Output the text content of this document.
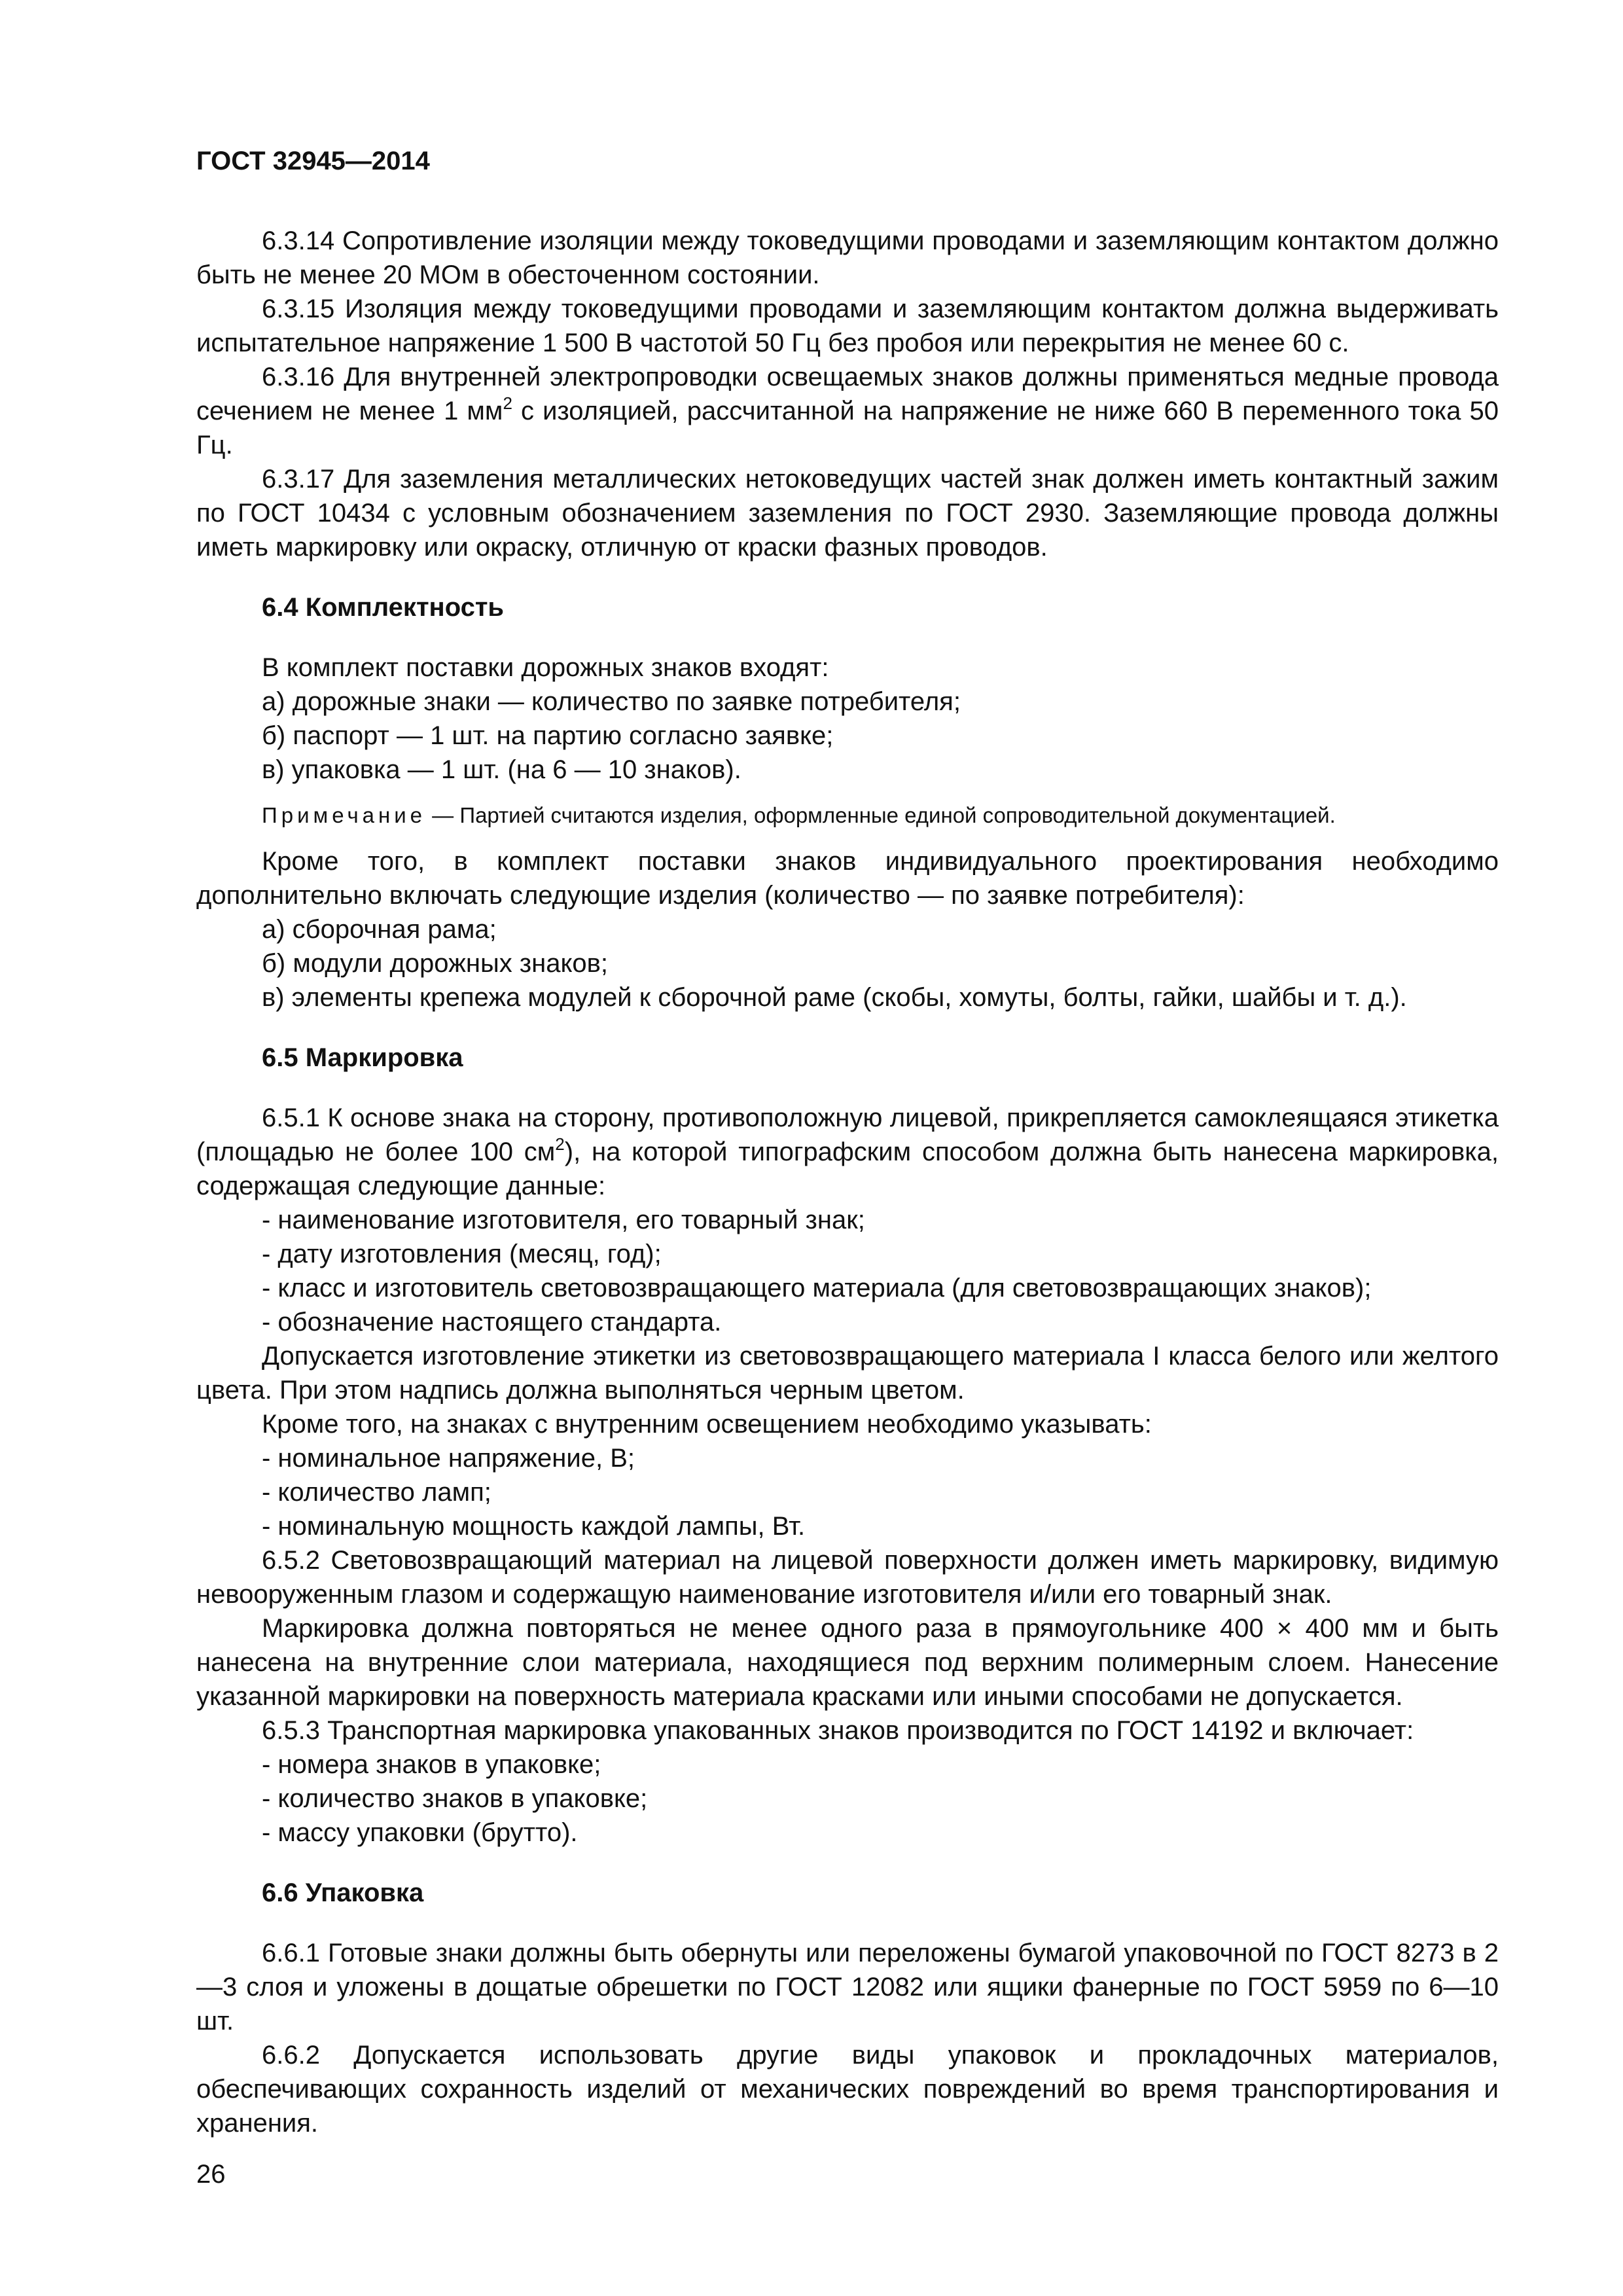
ГОСТ 32945—2014

6.3.14 Сопротивление изоляции между токоведущими проводами и заземляющим контактом должно быть не менее 20 МОм в обесточенном состоянии.

6.3.15 Изоляция между токоведущими проводами и заземляющим контактом должна выдерживать испытательное напряжение 1 500 В частотой 50 Гц без пробоя или перекрытия не менее 60 с.

6.3.16 Для внутренней электропроводки освещаемых знаков должны применяться медные провода сечением не менее 1 $мм^2$ с изоляцией, рассчитанной на напряжение не ниже 660 В переменного тока 50 Гц.

6.3.17 Для заземления металлических нетоковедущих частей знак должен иметь контактный зажим по ГОСТ 10434 с условным обозначением заземления по ГОСТ 2930. Заземляющие провода должны иметь маркировку или окраску, отличную от краски фазных проводов.

6.4 Комплектность

В комплект поставки дорожных знаков входят:

а) дорожные знаки — количество по заявке потребителя;

б) паспорт — 1 шт. на партию согласно заявке;

в) упаковка — 1 шт. (на 6 — 10 знаков).

Примечание — Партией считаются изделия, оформленные единой сопроводительной документацией.

Кроме того, в комплект поставки знаков индивидуального проектирования необходимо дополнительно включать следующие изделия (количество — по заявке потребителя):

а) сборочная рама;

б) модули дорожных знаков;

в) элементы крепежа модулей к сборочной раме (скобы, хомуты, болты, гайки, шайбы и т. д.).

6.5 Маркировка

6.5.1 К основе знака на сторону, противоположную лицевой, прикрепляется самоклеящаяся этикетка (площадью не более 100 $см^2$), на которой типографским способом должна быть нанесена маркировка, содержащая следующие данные:

- наименование изготовителя, его товарный знак;

- дату изготовления (месяц, год);

- класс и изготовитель световозвращающего материала (для световозвращающих знаков);

- обозначение настоящего стандарта.

Допускается изготовление этикетки из световозвращающего материала I класса белого или желтого цвета. При этом надпись должна выполняться черным цветом.

Кроме того, на знаках с внутренним освещением необходимо указывать:

- номинальное напряжение, В;

- количество ламп;

- номинальную мощность каждой лампы, Вт.

6.5.2 Световозвращающий материал на лицевой поверхности должен иметь маркировку, видимую невооруженным глазом и содержащую наименование изготовителя и/или его товарный знак.

Маркировка должна повторяться не менее одного раза в прямоугольнике 400 × 400 мм и быть нанесена на внутренние слои материала, находящиеся под верхним полимерным слоем. Нанесение указанной маркировки на поверхность материала красками или иными способами не допускается.

6.5.3 Транспортная маркировка упакованных знаков производится по ГОСТ 14192 и включает:

- номера знаков в упаковке;

- количество знаков в упаковке;

- массу упаковки (брутто).

6.6 Упаковка

6.6.1 Готовые знаки должны быть обернуты или переложены бумагой упаковочной по ГОСТ 8273 в 2—3 слоя и уложены в дощатые обрешетки по ГОСТ 12082 или ящики фанерные по ГОСТ 5959 по 6—10 шт.

6.6.2 Допускается использовать другие виды упаковок и прокладочных материалов, обеспечивающих сохранность изделий от механических повреждений во время транспортирования и хранения.

26
